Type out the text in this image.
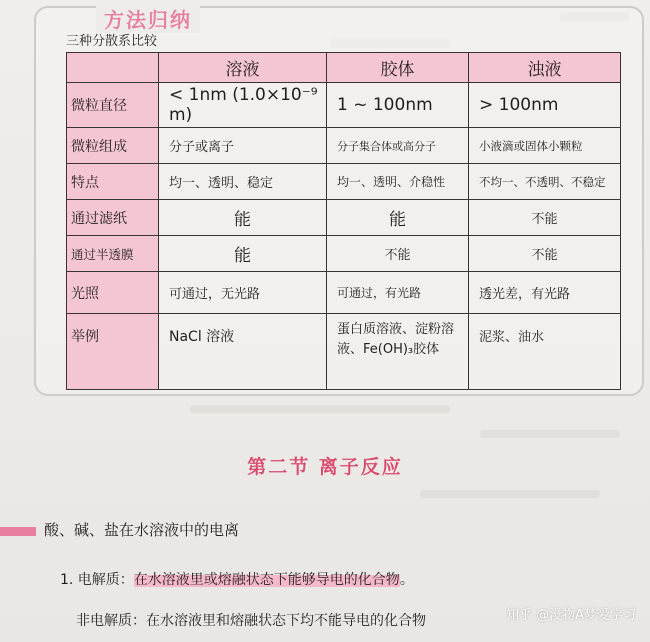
方法归纳
三种分散系比较
	溶液	胶体	浊液
微粒直径	< 1nm (1.0×10⁻⁹ m)	1 ~ 100nm	> 100nm
微粒组成	分子或离子	分子集合体或高分子	小液滴或固体小颗粒
特点	均一、透明、稳定	均一、透明、介稳性	不均一、不透明、不稳定
通过滤纸	能	能	不能
通过半透膜	能	不能	不能
光照	可通过，无光路	可通过，有光路	透光差，有光路
举例	NaCl 溶液	蛋白质溶液、淀粉溶液、Fe(OH)₃胶体	泥浆、油水
第二节 离子反应
酸、碱、盐在水溶液中的电离
1. 电解质：在水溶液里或熔融状态下能够导电的化合物。
非电解质：在水溶液里和熔融状态下均不能导电的化合物	知乎 @没物A梦爱学习
